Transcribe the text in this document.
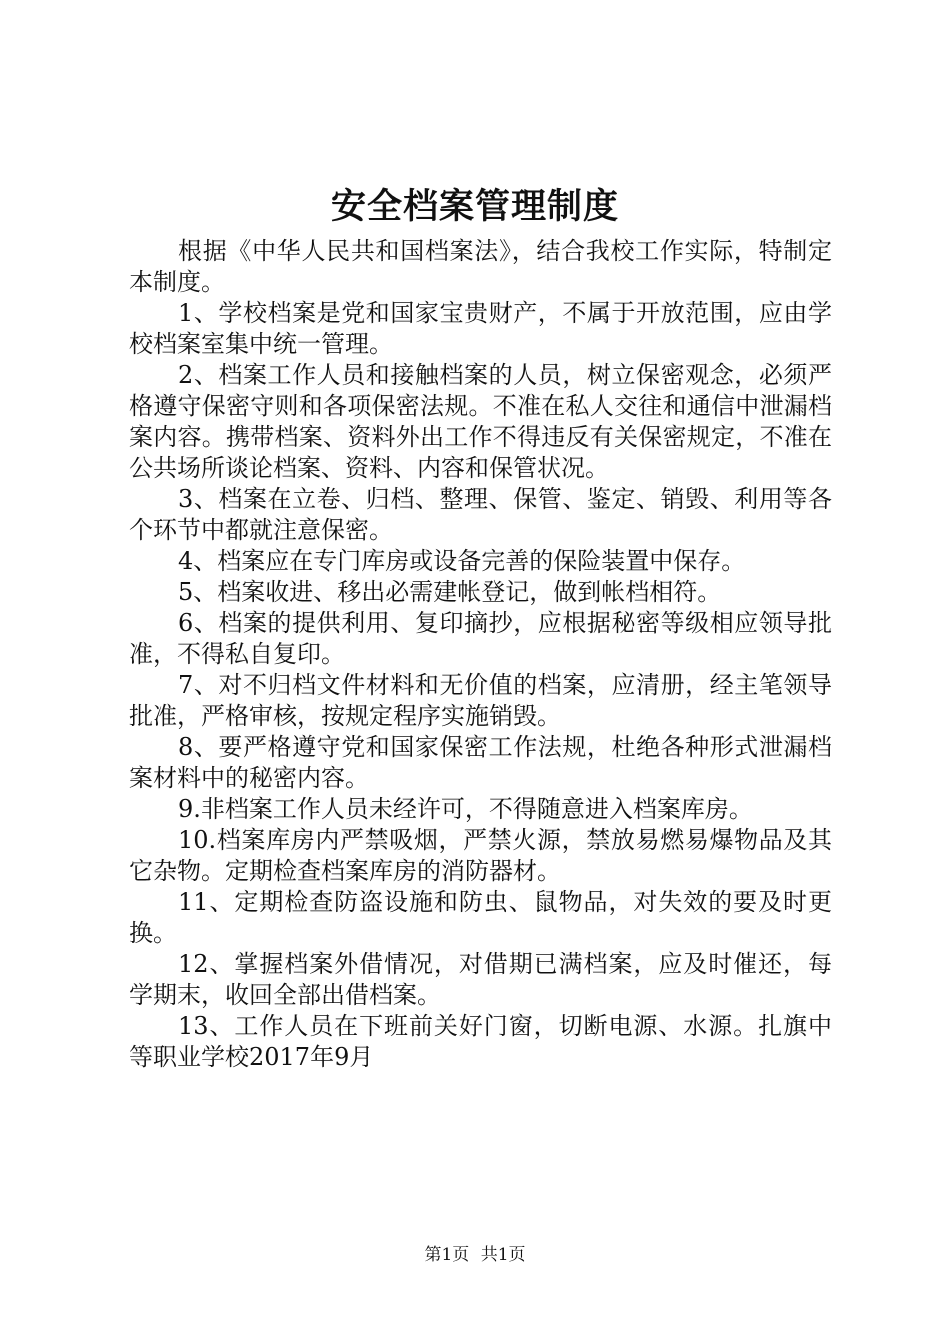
安全档案管理制度

根据《中华人民共和国档案法》，结合我校工作实际，特制定本制度。

1、学校档案是党和国家宝贵财产，不属于开放范围，应由学校档案室集中统一管理。

2、档案工作人员和接触档案的人员，树立保密观念，必须严格遵守保密守则和各项保密法规。不准在私人交往和通信中泄漏档案内容。携带档案、资料外出工作不得违反有关保密规定，不准在公共场所谈论档案、资料、内容和保管状况。

3、档案在立卷、归档、整理、保管、鉴定、销毁、利用等各个环节中都就注意保密。

4、档案应在专门库房或设备完善的保险装置中保存。

5、档案收进、移出必需建帐登记，做到帐档相符。

6、档案的提供利用、复印摘抄，应根据秘密等级相应领导批准，不得私自复印。

7、对不归档文件材料和无价值的档案，应清册，经主笔领导批准，严格审核，按规定程序实施销毁。

8、要严格遵守党和国家保密工作法规，杜绝各种形式泄漏档案材料中的秘密内容。

9.非档案工作人员未经许可，不得随意进入档案库房。

10.档案库房内严禁吸烟，严禁火源，禁放易燃易爆物品及其它杂物。定期检查档案库房的消防器材。

11、定期检查防盗设施和防虫、鼠物品，对失效的要及时更换。

12、掌握档案外借情况，对借期已满档案，应及时催还，每学期末，收回全部出借档案。

13、工作人员在下班前关好门窗，切断电源、水源。扎旗中等职业学校2017年9月

第1页 共1页
